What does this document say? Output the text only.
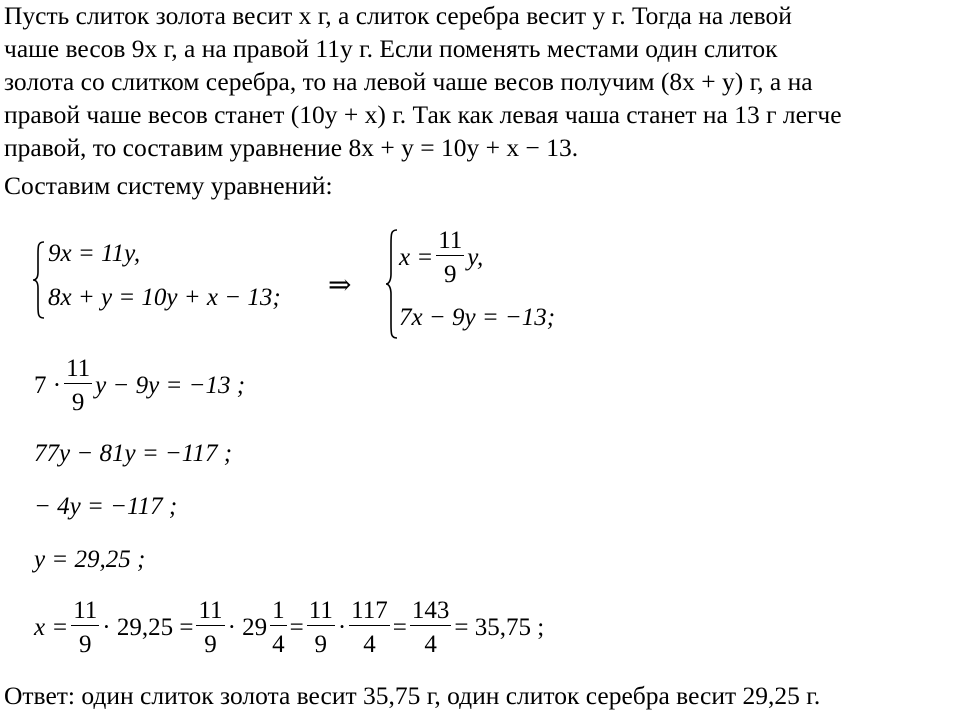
Пусть слиток золота весит x г, а слиток серебра весит y г. Тогда на левой
чаше весов 9x г, а на правой 11y г. Если поменять местами один слиток
золота со слитком серебра, то на левой чаше весов получим (8x + y) г, а на
правой чаше весов станет (10y + x) г. Так как левая чаша станет на 13 г легче
правой, то составим уравнение 8x + y = 10y + x − 13.
Составим систему уравнений:
9x = 11y,
8x + y = 10y + x − 13; ⇒
$x = \frac{11}{9} y$,
7x − 9y = −13;
$7 \cdot \frac{11}{9}$ y − 9y = −13 ;
77y − 81y = −117 ;
− 4y = −117 ;
y = 29,25 ;
$x = \frac{11}{9} \cdot 29,25 = \frac{11}{9} \cdot 29 \frac{1}{4} = \frac{11}{9} \cdot \frac{117}{4} = \frac{143}{4} = 35,75$ ;
Ответ: один слиток золота весит 35,75 г, один слиток серебра весит 29,25 г.
